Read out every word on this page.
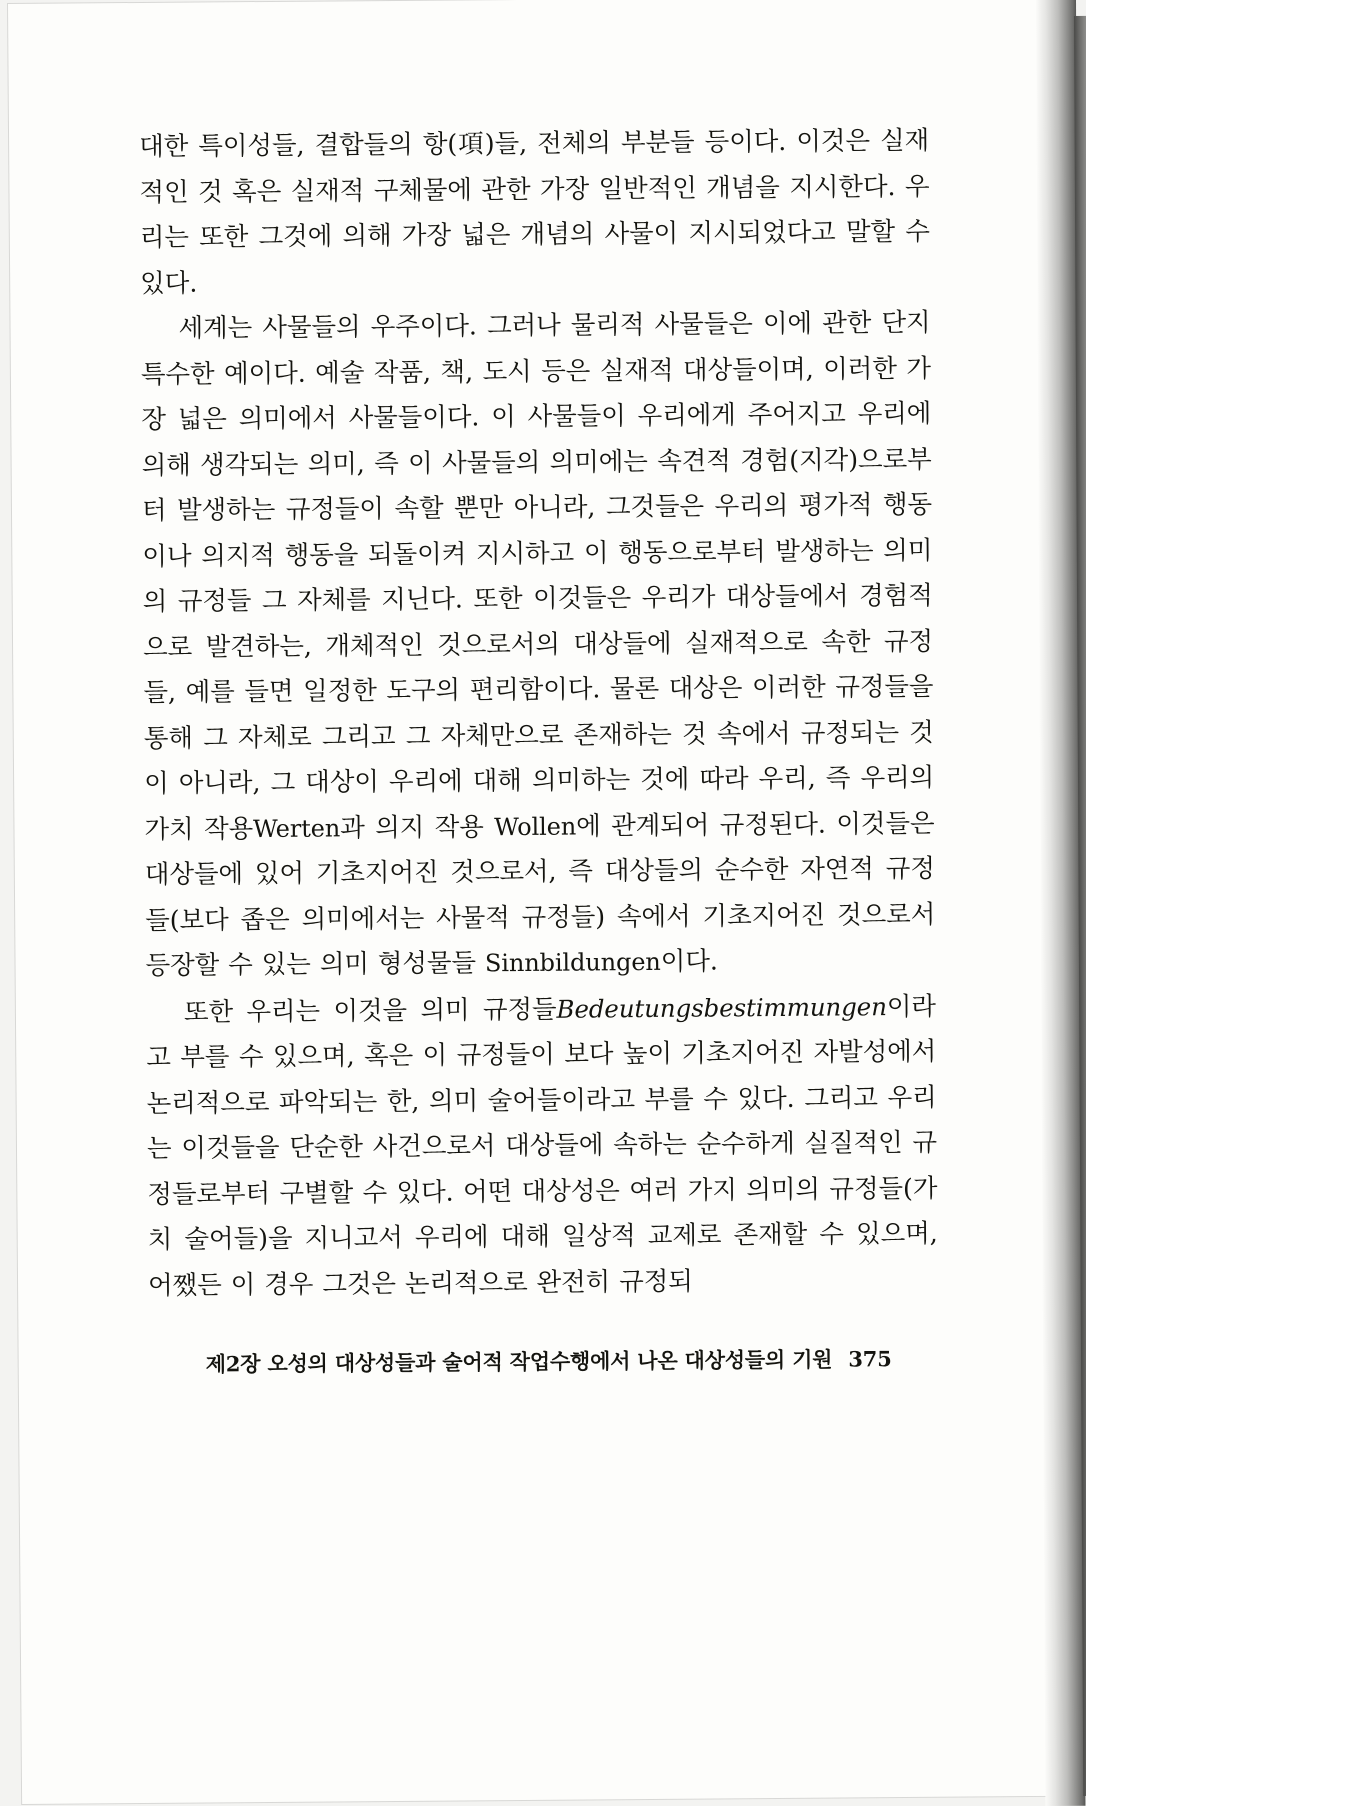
대한 특이성들, 결합들의 항(項)들, 전체의 부분들 등이다. 이것은 실재적인 것 혹은 실재적 구체물에 관한 가장 일반적인 개념을 지시한다. 우리는 또한 그것에 의해 가장 넓은 개념의 사물이 지시되었다고 말할 수 있다.

세계는 사물들의 우주이다. 그러나 물리적 사물들은 이에 관한 단지 특수한 예이다. 예술 작품, 책, 도시 등은 실재적 대상들이며, 이러한 가장 넓은 의미에서 사물들이다. 이 사물들이 우리에게 주어지고 우리에 의해 생각되는 의미, 즉 이 사물들의 의미에는 속견적 경험(지각)으로부터 발생하는 규정들이 속할 뿐만 아니라, 그것들은 우리의 평가적 행동이나 의지적 행동을 되돌이켜 지시하고 이 행동으로부터 발생하는 의미의 규정들 그 자체를 지닌다. 또한 이것들은 우리가 대상들에서 경험적으로 발견하는, 개체적인 것으로서의 대상들에 실재적으로 속한 규정들, 예를 들면 일정한 도구의 편리함이다. 물론 대상은 이러한 규정들을 통해 그 자체로 그리고 그 자체만으로 존재하는 것 속에서 규정되는 것이 아니라, 그 대상이 우리에 대해 의미하는 것에 따라 우리, 즉 우리의 가치 작용Werten과 의지 작용 Wollen에 관계되어 규정된다. 이것들은 대상들에 있어 기초지어진 것으로서, 즉 대상들의 순수한 자연적 규정들(보다 좁은 의미에서는 사물적 규정들) 속에서 기초지어진 것으로서 등장할 수 있는 의미 형성물들 Sinnbildungen이다.

또한 우리는 이것을 의미 규정들Bedeutungsbestimmungen이라고 부를 수 있으며, 혹은 이 규정들이 보다 높이 기초지어진 자발성에서 논리적으로 파악되는 한, 의미 술어들이라고 부를 수 있다. 그리고 우리는 이것들을 단순한 사건으로서 대상들에 속하는 순수하게 실질적인 규정들로부터 구별할 수 있다. 어떤 대상성은 여러 가지 의미의 규정들(가치 술어들)을 지니고서 우리에 대해 일상적 교제로 존재할 수 있으며, 어쨌든 이 경우 그것은 논리적으로 완전히 규정되

제2장 오성의 대상성들과 술어적 작업수행에서 나온 대상성들의 기원 375
